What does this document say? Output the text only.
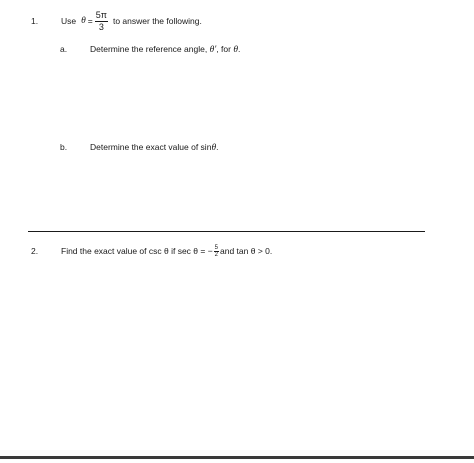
1.	Use $\theta = \frac{5\pi}{3}$ to answer the following.
a.	Determine the reference angle, θ′, for θ.
b.	Determine the exact value of sinθ.
2.	Find the exact value of csc θ if sec θ = − $\frac{5}{2}$ and tan θ > 0.
